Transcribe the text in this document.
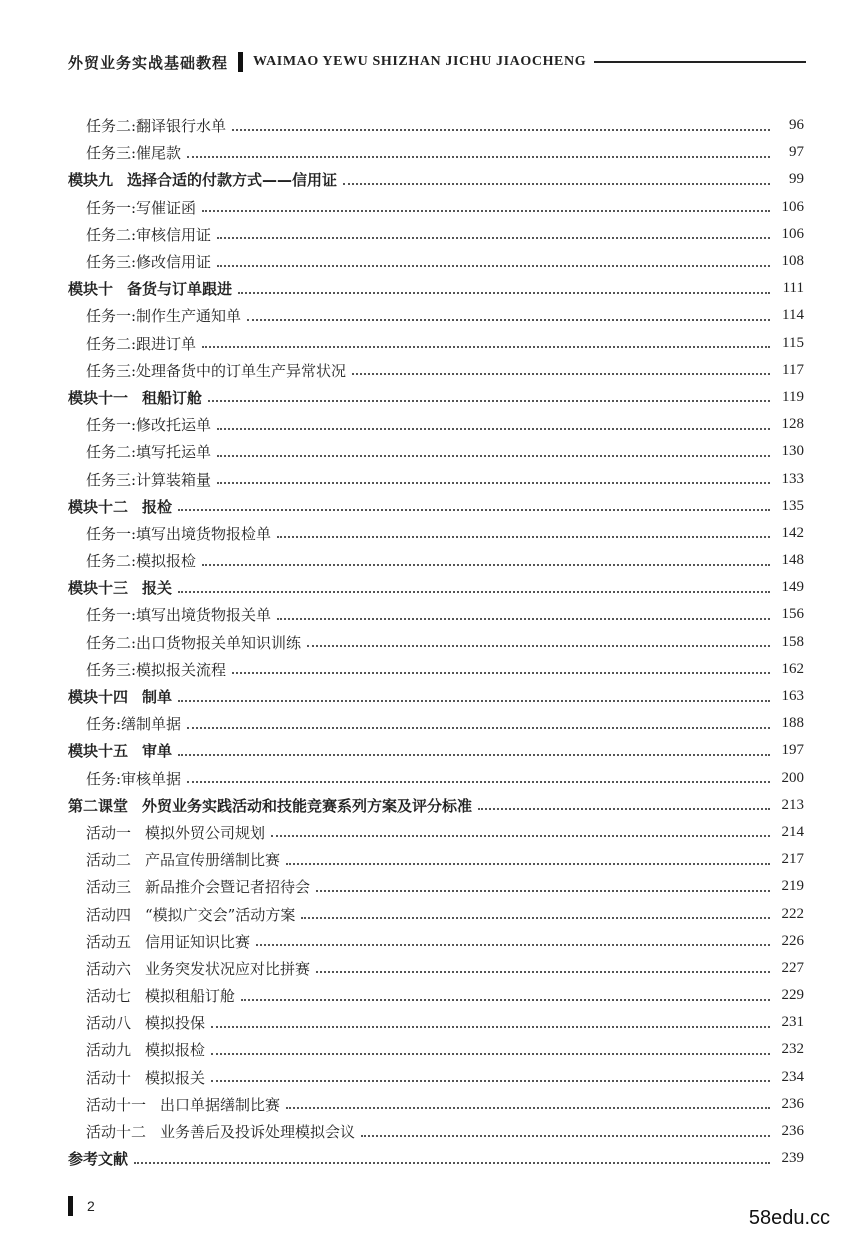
外贸业务实战基础教程 WAIMAO YEWU SHIZHAN JICHU JIAOCHENG
任务二:翻译银行水单	96
任务三:催尾款	97
模块九 选择合适的付款方式——信用证	99
任务一:写催证函	106
任务二:审核信用证	106
任务三:修改信用证	108
模块十 备货与订单跟进	111
任务一:制作生产通知单	114
任务二:跟进订单	115
任务三:处理备货中的订单生产异常状况	117
模块十一 租船订舱	119
任务一:修改托运单	128
任务二:填写托运单	130
任务三:计算装箱量	133
模块十二 报检	135
任务一:填写出境货物报检单	142
任务二:模拟报检	148
模块十三 报关	149
任务一:填写出境货物报关单	156
任务二:出口货物报关单知识训练	158
任务三:模拟报关流程	162
模块十四 制单	163
任务:缮制单据	188
模块十五 审单	197
任务:审核单据	200
第二课堂 外贸业务实践活动和技能竞赛系列方案及评分标准	213
活动一 模拟外贸公司规划	214
活动二 产品宣传册缮制比赛	217
活动三 新品推介会暨记者招待会	219
活动四 “模拟广交会”活动方案	222
活动五 信用证知识比赛	226
活动六 业务突发状况应对比拼赛	227
活动七 模拟租船订舱	229
活动八 模拟投保	231
活动九 模拟报检	232
活动十 模拟报关	234
活动十一 出口单据缮制比赛	236
活动十二 业务善后及投诉处理模拟会议	236
参考文献	239
2
58edu.cc
